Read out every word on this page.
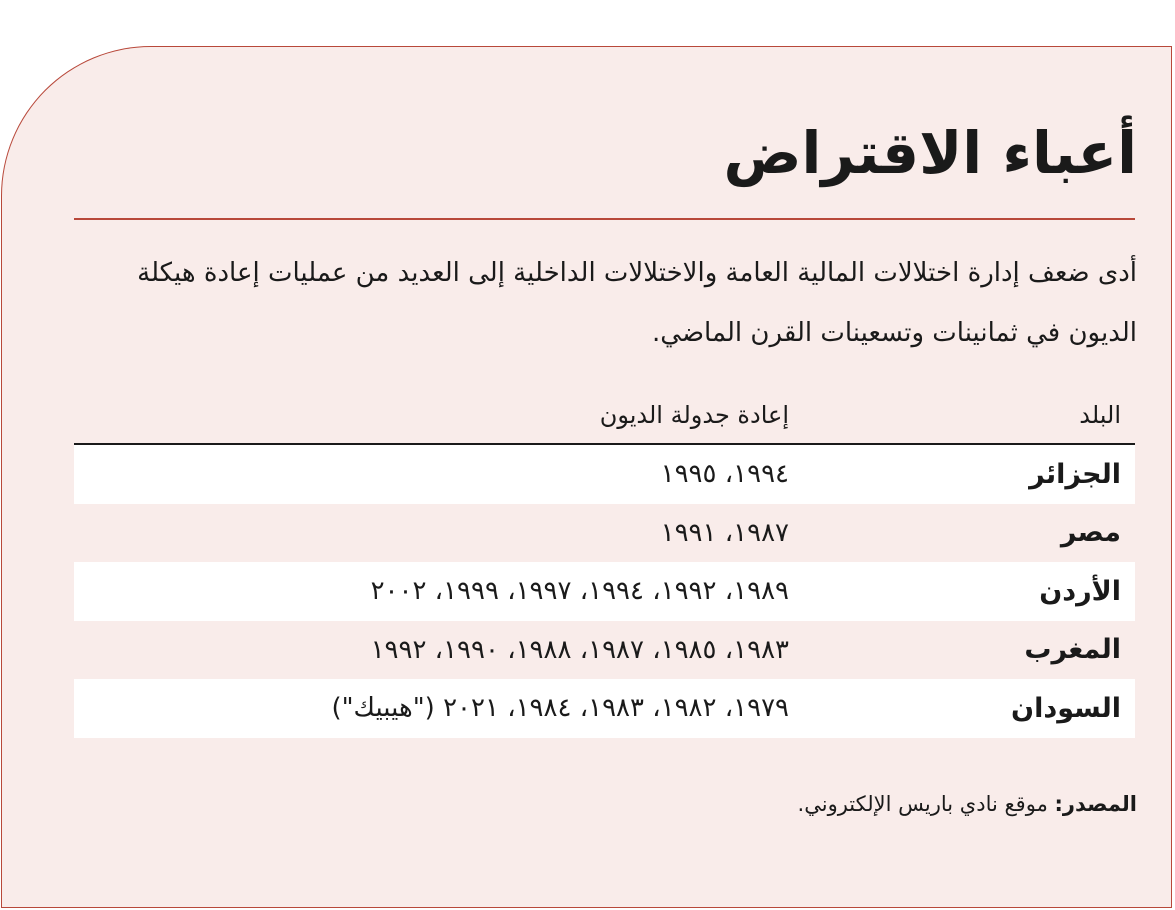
أعباء الاقتراض

أدى ضعف إدارة اختلالات المالية العامة والاختلالات الداخلية إلى العديد من عمليات إعادة هيكلة الديون في ثمانينات وتسعينات القرن الماضي.

البلد
إعادة جدولة الديون
الجزائر
١٩٩٤، ١٩٩٥
مصر
١٩٨٧، ١٩٩١
الأردن
١٩٨٩، ١٩٩٢، ١٩٩٤، ١٩٩٧، ١٩٩٩، ٢٠٠٢
المغرب
١٩٨٣، ١٩٨٥، ١٩٨٧، ١٩٨٨، ١٩٩٠، ١٩٩٢
السودان
١٩٧٩، ١٩٨٢، ١٩٨٣، ١٩٨٤، ٢٠٢١ ("هيبيك")

المصدر: موقع نادي باريس الإلكتروني.
